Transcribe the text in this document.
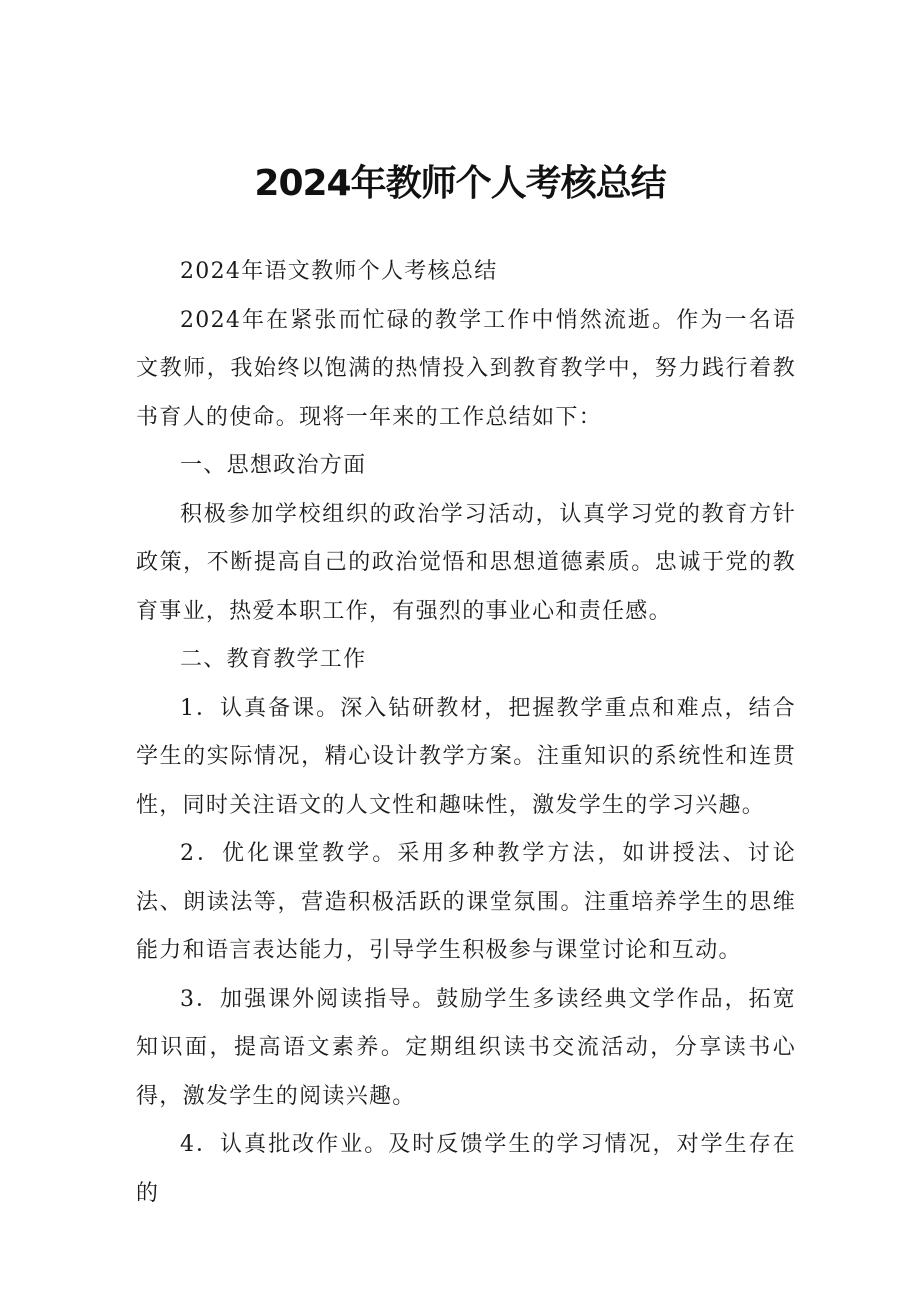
2024年教师个人考核总结

2024年语文教师个人考核总结

2024年在紧张而忙碌的教学工作中悄然流逝。作为一名语文教师，我始终以饱满的热情投入到教育教学中，努力践行着教书育人的使命。现将一年来的工作总结如下：

一、思想政治方面

积极参加学校组织的政治学习活动，认真学习党的教育方针政策，不断提高自己的政治觉悟和思想道德素质。忠诚于党的教育事业，热爱本职工作，有强烈的事业心和责任感。

二、教育教学工作

1．认真备课。深入钻研教材，把握教学重点和难点，结合学生的实际情况，精心设计教学方案。注重知识的系统性和连贯性，同时关注语文的人文性和趣味性，激发学生的学习兴趣。

2．优化课堂教学。采用多种教学方法，如讲授法、讨论法、朗读法等，营造积极活跃的课堂氛围。注重培养学生的思维能力和语言表达能力，引导学生积极参与课堂讨论和互动。

3．加强课外阅读指导。鼓励学生多读经典文学作品，拓宽知识面，提高语文素养。定期组织读书交流活动，分享读书心得，激发学生的阅读兴趣。

4．认真批改作业。及时反馈学生的学习情况，对学生存在的
